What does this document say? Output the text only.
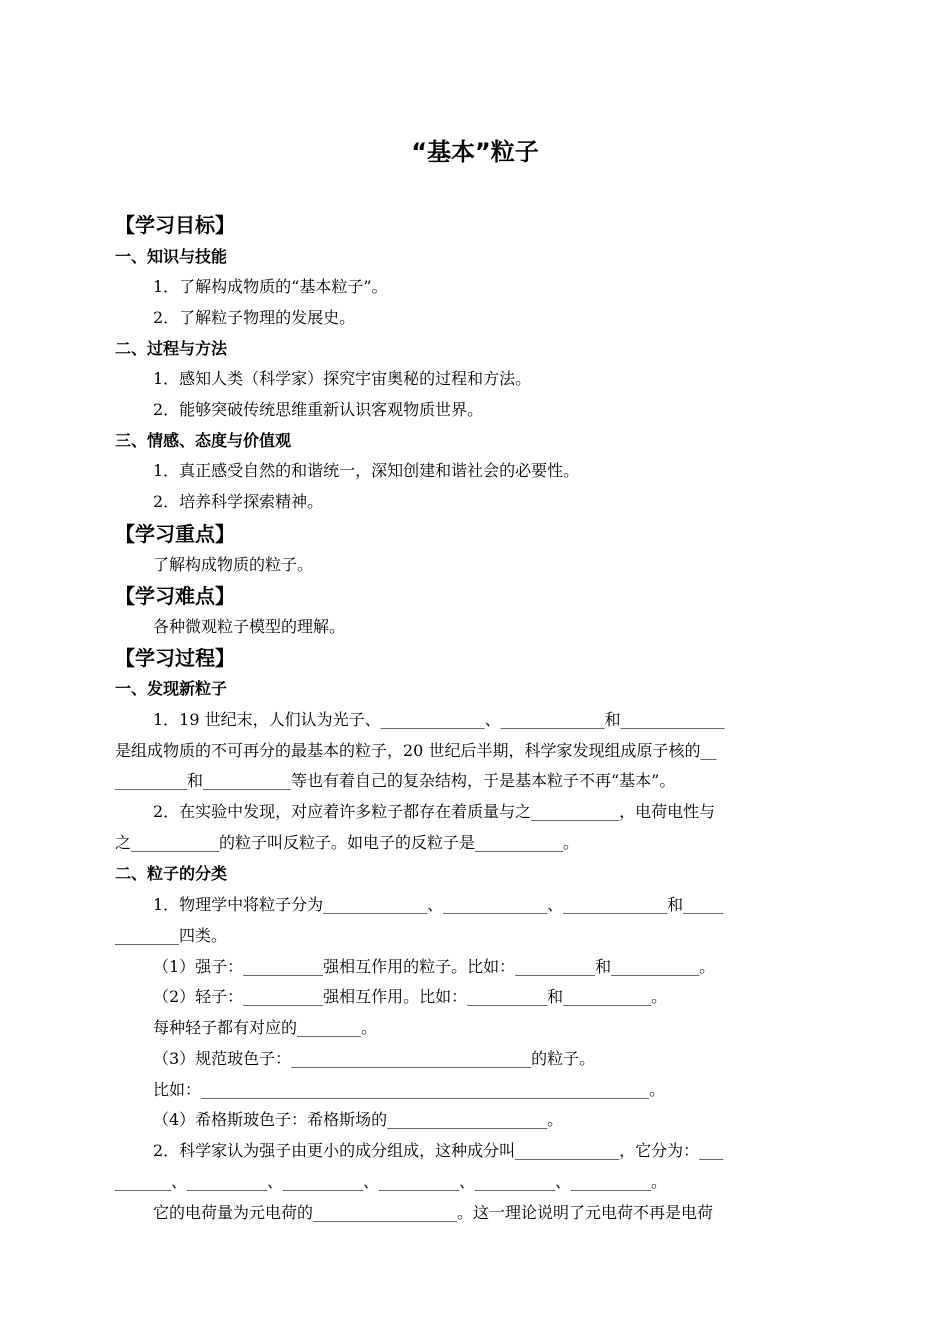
“基本”粒子
【学习目标】
一、知识与技能
1．了解构成物质的“基本粒子”。
2．了解粒子物理的发展史。
二、过程与方法
1．感知人类（科学家）探究宇宙奥秘的过程和方法。
2．能够突破传统思维重新认识客观物质世界。
三、情感、态度与价值观
1．真正感受自然的和谐统一，深知创建和谐社会的必要性。
2．培养科学探索精神。
【学习重点】
了解构成物质的粒子。
【学习难点】
各种微观粒子模型的理解。
【学习过程】
一、发现新粒子
1．19 世纪末，人们认为光子、_____________、_____________和_____________
是组成物质的不可再分的最基本的粒子，20 世纪后半期，科学家发现组成原子核的__
_________和___________等也有着自己的复杂结构，于是基本粒子不再“基本”。
2．在实验中发现，对应着许多粒子都存在着质量与之___________，电荷电性与
之___________的粒子叫反粒子。如电子的反粒子是___________。
二、粒子的分类
1．物理学中将粒子分为_____________、_____________、_____________和_____
________四类。
（1）强子：__________强相互作用的粒子。比如：__________和___________。
（2）轻子：__________强相互作用。比如：__________和___________。
每种轻子都有对应的________。
（3）规范玻色子：______________________________的粒子。
比如：________________________________________________________。
（4）希格斯玻色子：希格斯场的____________________。
2．科学家认为强子由更小的成分组成，这种成分叫_____________，它分为：___
_______、__________、__________、__________、__________、__________。
它的电荷量为元电荷的__________________。这一理论说明了元电荷不再是电荷
